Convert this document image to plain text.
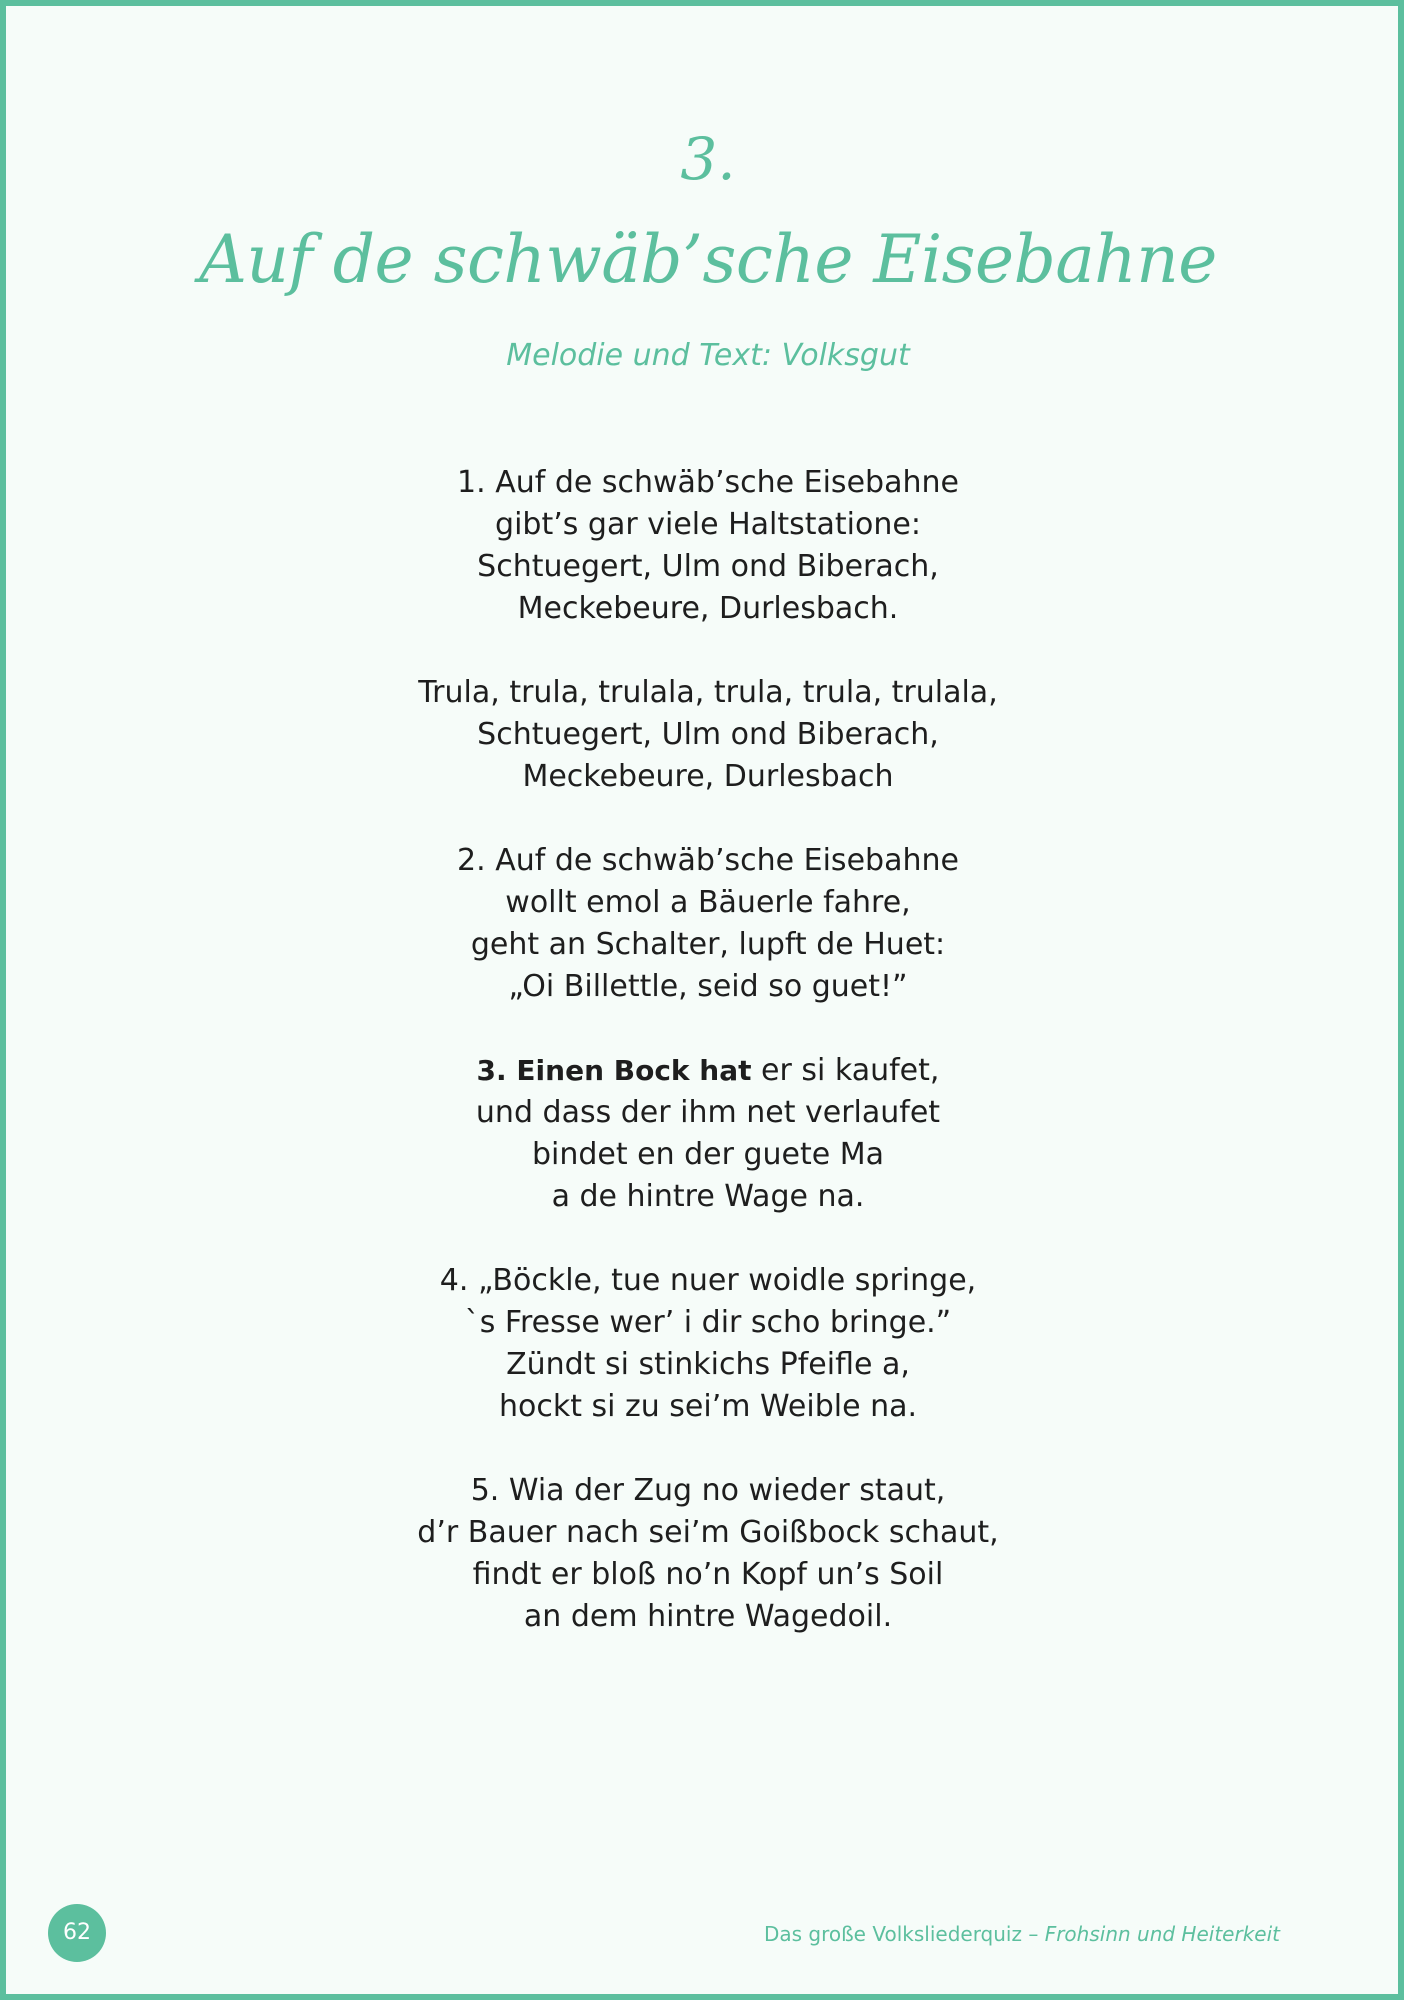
3.
Auf de schwäb’sche Eisebahne
Melodie und Text: Volksgut
1. Auf de schwäb’sche Eisebahne
gibt’s gar viele Haltstatione:
Schtuegert, Ulm ond Biberach,
Meckebeure, Durlesbach.
Trula, trula, trulala, trula, trula, trulala,
Schtuegert, Ulm ond Biberach,
Meckebeure, Durlesbach
2. Auf de schwäb’sche Eisebahne
wollt emol a Bäuerle fahre,
geht an Schalter, lupft de Huet:
„Oi Billettle, seid so guet!”
3. Einen Bock hat er si kaufet,
und dass der ihm net verlaufet
bindet en der guete Ma
a de hintre Wage na.
4. „Böckle, tue nuer woidle springe,
`s Fresse wer’ i dir scho bringe.”
Zündt si stinkichs Pfeifle a,
hockt si zu sei’m Weible na.
5. Wia der Zug no wieder staut,
d’r Bauer nach sei’m Goißbock schaut,
findt er bloß no’n Kopf un’s Soil
an dem hintre Wagedoil.
62	Das große Volksliederquiz – Frohsinn und Heiterkeit
